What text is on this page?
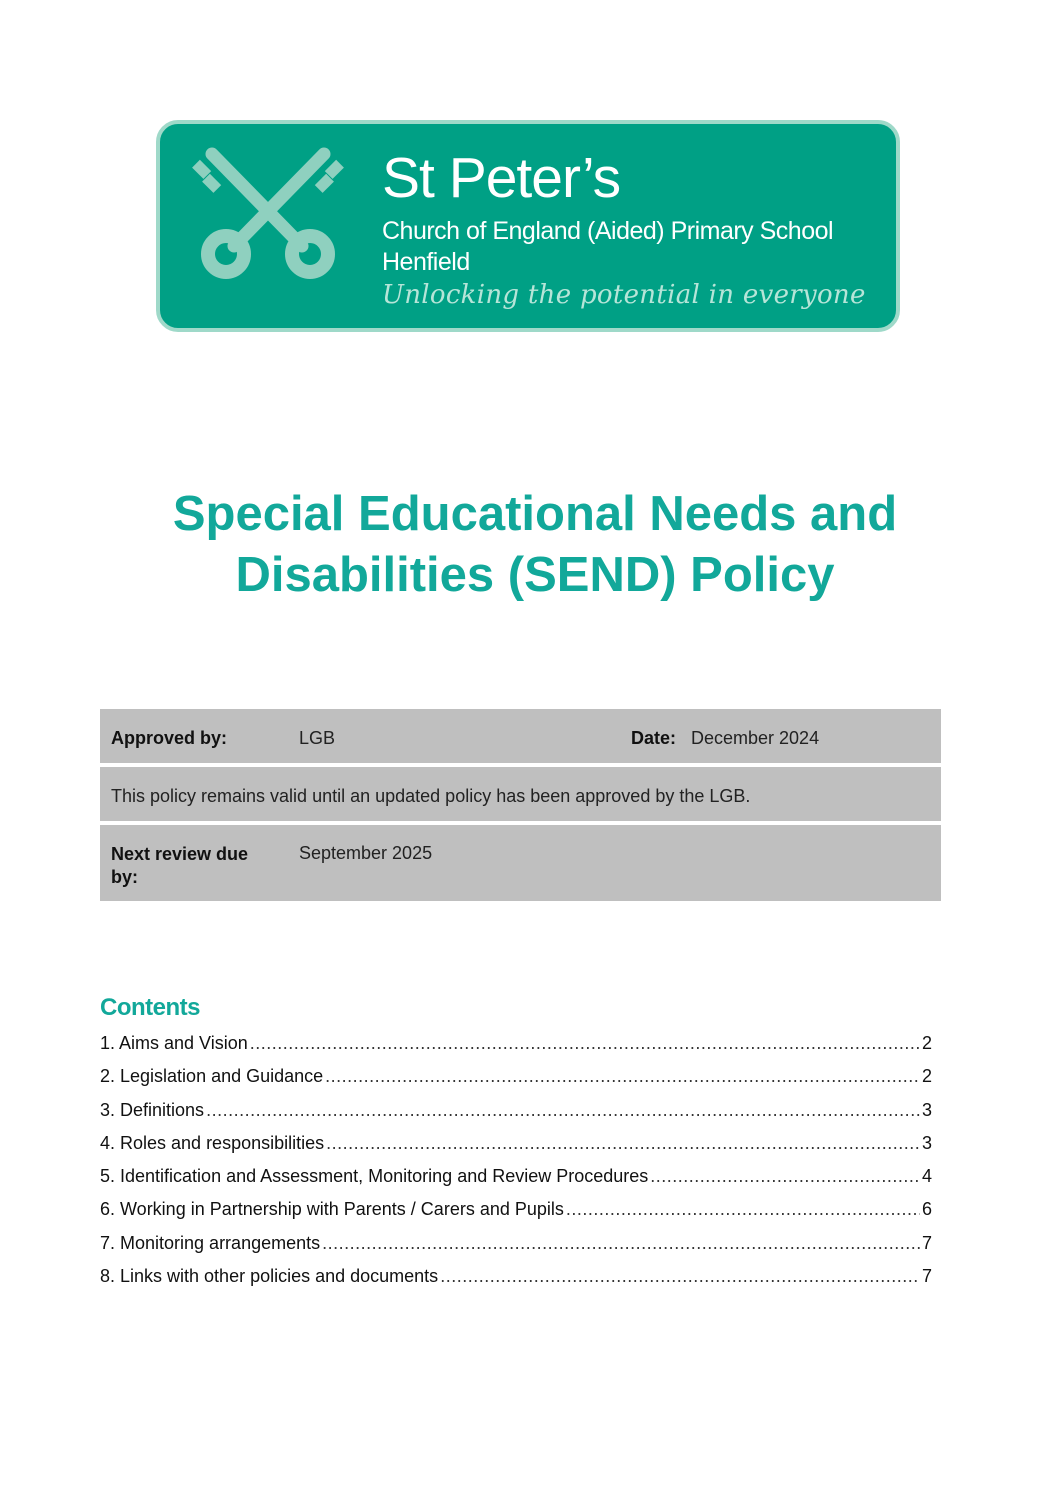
St Peter’s
Church of England (Aided) Primary School
Henfield
Unlocking the potential in everyone
Special Educational Needs and
Disabilities (SEND) Policy
Approved by:	LGB	Date: December 2024
This policy remains valid until an updated policy has been approved by the LGB.
Next review due by:
September 2025
Contents
1. Aims and Vision .....	2
2. Legislation and Guidance .....	2
3. Definitions .....	3
4. Roles and responsibilities .....	3
5. Identification and Assessment, Monitoring and Review Procedures .....	4
6. Working in Partnership with Parents / Carers and Pupils .....	6
7. Monitoring arrangements .....	7
8. Links with other policies and documents .....	7
